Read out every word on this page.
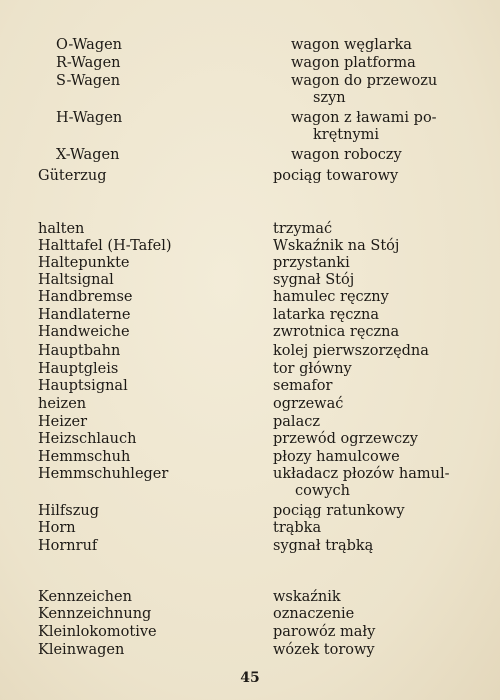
O-Wagen	wagon węglarka
R-Wagen	wagon platforma
S-Wagen	wagon do przewozu
szyn
H-Wagen	wagon z ławami po-
krętnymi
X-Wagen	wagon roboczy
Güterzug	pociąg towarowy
halten	trzymać
Halttafel (H-Tafel)	Wskaźnik na Stój
Haltepunkte	przystanki
Haltsignal	sygnał Stój
Handbremse	hamulec ręczny
Handlaterne	latarka ręczna
Handweiche	zwrotnica ręczna
Hauptbahn	kolej pierwszorzędna
Hauptgleis	tor główny
Hauptsignal	semafor
heizen	ogrzewać
Heizer	palacz
Heizschlauch	przewód ogrzewczy
Hemmschuh	płozy hamulcowe
Hemmschuhleger	układacz płozów hamul-
cowych
Hilfszug	pociąg ratunkowy
Horn	trąbka
Hornruf	sygnał trąbką
Kennzeichen	wskaźnik
Kennzeichnung	oznaczenie
Kleinlokomotive	parowóz mały
Kleinwagen	wózek torowy
45
